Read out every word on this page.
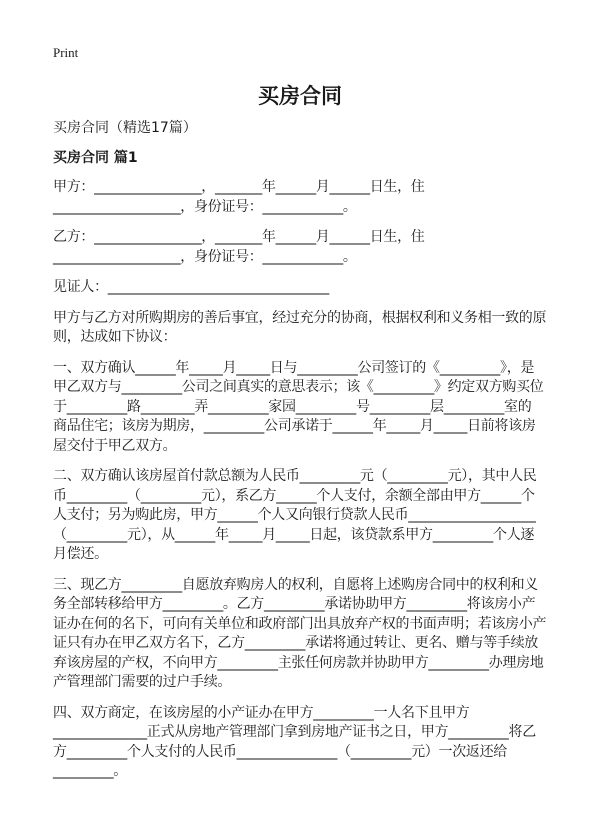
Print
买房合同
买房合同（精选17篇）
买房合同 篇1
甲方：________________，_______年______月______日生，住
___________________，身份证号：____________。
乙方：________________，_______年______月______日生，住
___________________，身份证号：____________。
见证人：_________________________________
甲方与乙方对所购期房的善后事宜，经过充分的协商，根据权利和义务相一致的原
则，达成如下协议：
一、双方确认______年_____月_____日与_________公司签订的《_________》，是
甲乙双方与_________公司之间真实的意思表示；该《_________》约定双方购买位
于_________路________弄_________家园_________号_________层_________室的
商品住宅；该房为期房，_________公司承诺于______年_____月_____日前将该房
屋交付于甲乙双方。
二、双方确认该房屋首付款总额为人民币_________元（_________元），其中人民
币_________（_________元），系乙方______个人支付，余额全部由甲方______个
人支付；另为购此房，甲方______个人又向银行贷款人民币___________________
（_________元），从______年_____月_____日起，该贷款系甲方_________个人逐
月偿还。
三、现乙方_________自愿放弃购房人的权利，自愿将上述购房合同中的权利和义
务全部转移给甲方_________。乙方_________承诺协助甲方_________将该房小产
证办在何的名下，可向有关单位和政府部门出具放弃产权的书面声明；若该房小产
证只有办在甲乙双方名下，乙方_________承诺将通过转让、更名、赠与等手续放
弃该房屋的产权，不向甲方_________主张任何房款并协助甲方_________办理房地
产管理部门需要的过户手续。
四、双方商定，在该房屋的小产证办在甲方_________一人名下且甲方
______________正式从房地产管理部门拿到房地产证书之日，甲方_________将乙
方_________个人支付的人民币_______________（_________元）一次返还给
_________。
